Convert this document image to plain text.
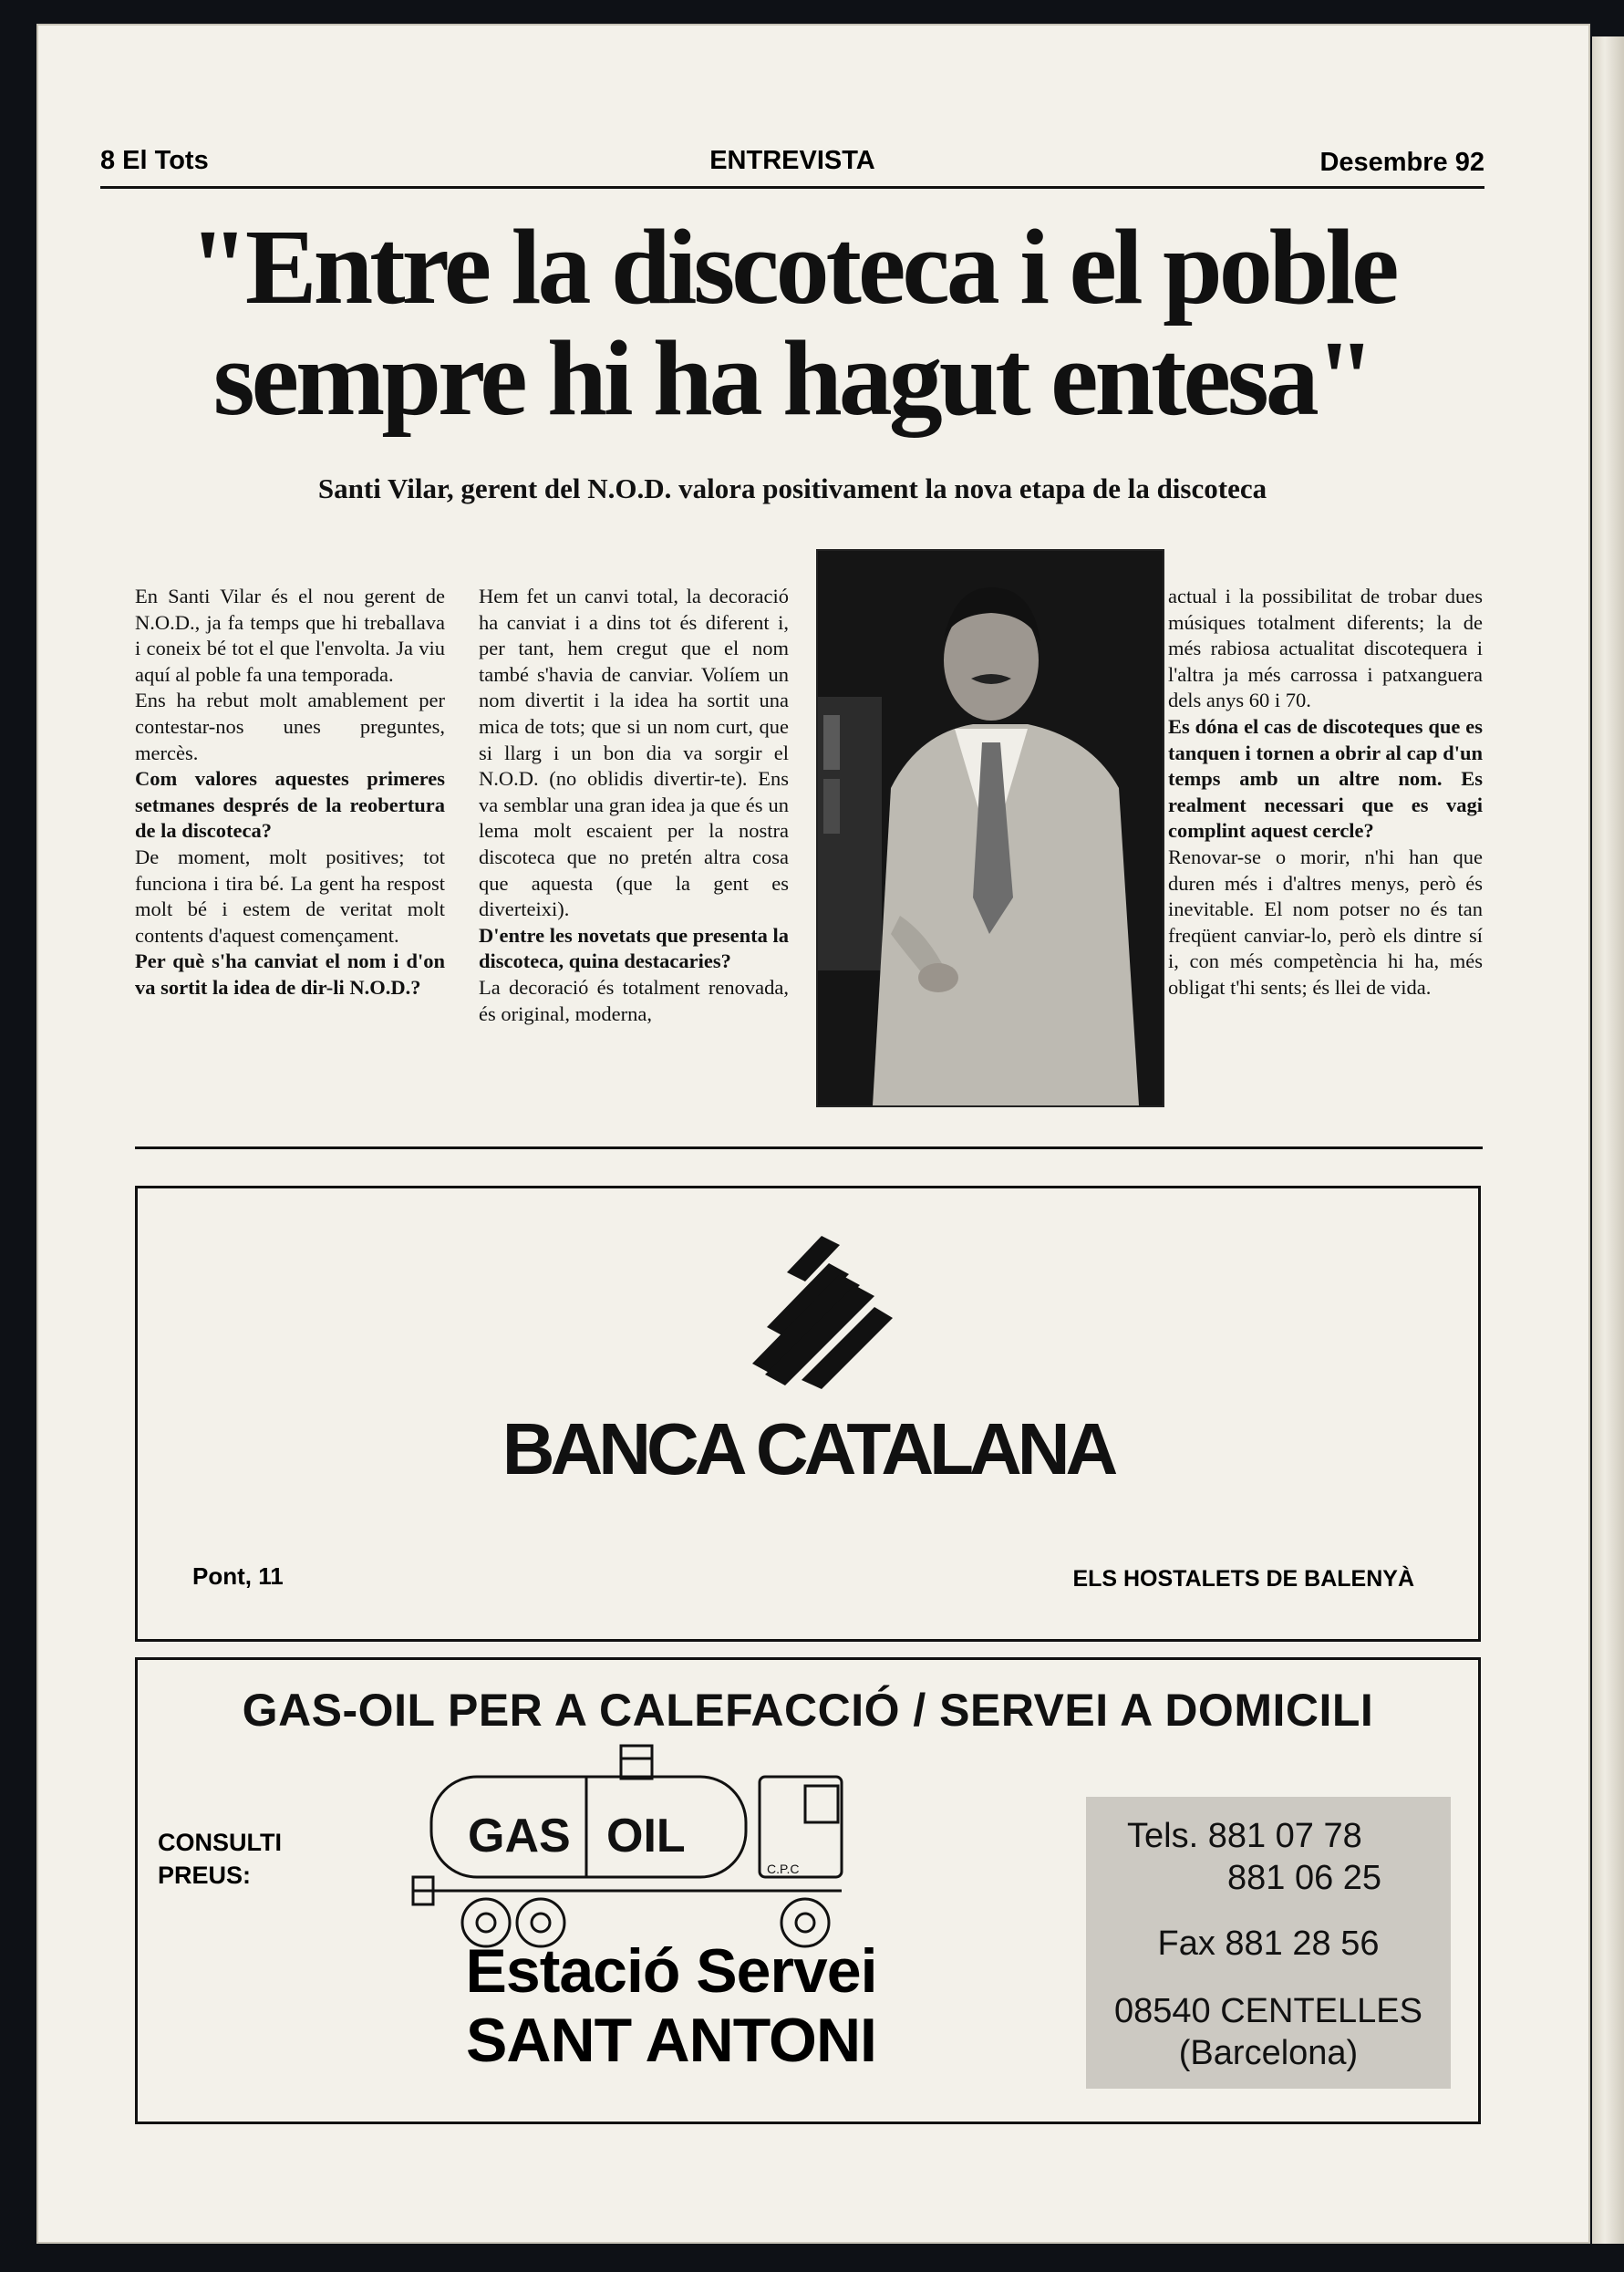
8 El Tots	ENTREVISTA	Desembre 92
"Entre la discoteca i el poble
sempre hi ha hagut entesa"
Santi Vilar, gerent del N.O.D. valora positivament la nova etapa de la discoteca

En Santi Vilar és el nou gerent de N.O.D., ja fa temps que hi treballava i coneix bé tot el que l'envolta. Ja viu aquí al poble fa una temporada.

Ens ha rebut molt amablement per contestar-nos unes preguntes, mercès.

Com valores aquestes primeres setmanes després de la reobertura de la discoteca?

De moment, molt positives; tot funciona i tira bé. La gent ha respost molt bé i estem de veritat molt contents d'aquest començament.

Per què s'ha canviat el nom i d'on va sortit la idea de dir-li N.O.D.?

Hem fet un canvi total, la decoració ha canviat i a dins tot és diferent i, per tant, hem cregut que el nom també s'havia de canviar. Volíem un nom divertit i la idea ha sortit una mica de tots; que si un nom curt, que si llarg i un bon dia va sorgir el N.O.D. (no oblidis divertir-te). Ens va semblar una gran idea ja que és un lema molt escaient per la nostra discoteca que no pretén altra cosa que aquesta (que la gent es diverteixi).

D'entre les novetats que presenta la discoteca, quina destacaries?

La decoració és totalment renovada, és original, moderna,

actual i la possibilitat de trobar dues músiques totalment diferents; la de més rabiosa actualitat discotequera i l'altra ja més carrossa i patxanguera dels anys 60 i 70.

Es dóna el cas de discoteques que es tanquen i tornen a obrir al cap d'un temps amb un altre nom. Es realment necessari que es vagi complint aquest cercle?

Renovar-se o morir, n'hi han que duren més i d'altres menys, però és inevitable. El nom potser no és tan freqüent canviar-lo, però els dintre sí i, con més competència hi ha, més obligat t'hi sents; és llei de vida.

BANCA CATALANA
Pont, 11	ELS HOSTALETS DE BALENYÀ
GAS-OIL PER A CALEFACCIÓ / SERVEI A DOMICILI
CONSULTI
PREUS:
GAS OIL
C.P.C
Estació Servei
SANT ANTONI
Tels. 881 07 78
881 06 25
Fax 881 28 56
08540 CENTELLES
(Barcelona)
